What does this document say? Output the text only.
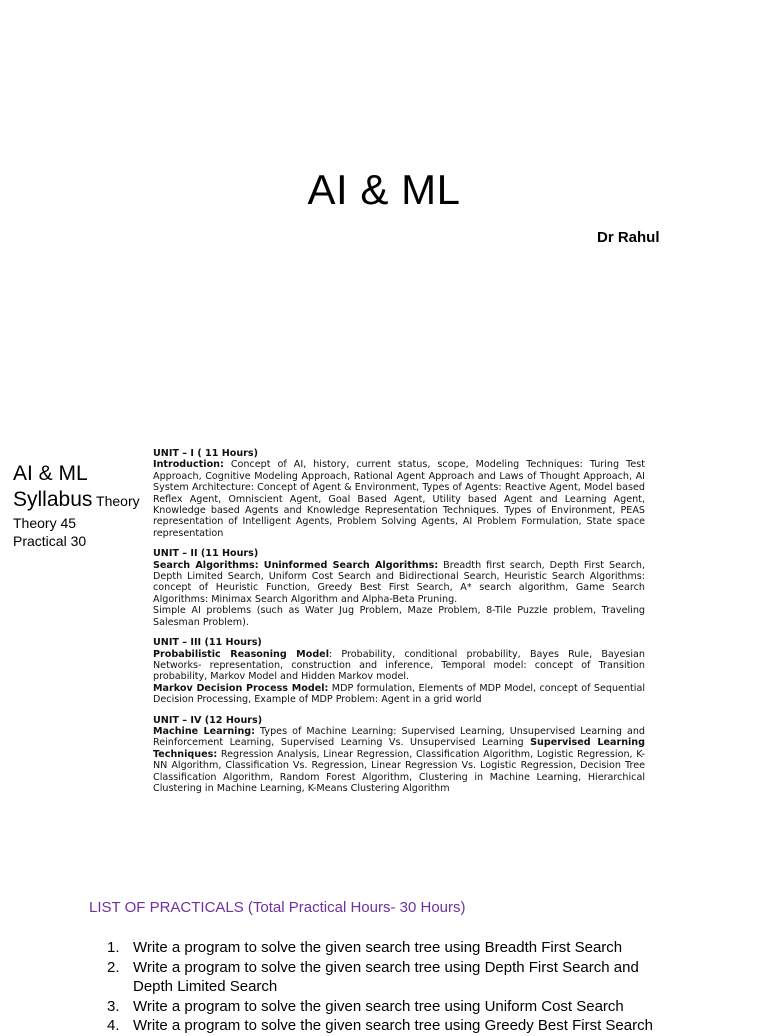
AI & ML
Dr Rahul
AI & ML
Syllabus Theory
Theory 45
Practical 30
UNIT – I ( 11 Hours)

Introduction: Concept of AI, history, current status, scope, Modeling Techniques: Turing Test Approach, Cognitive Modeling Approach, Rational Agent Approach and Laws of Thought Approach, AI System Architecture: Concept of Agent & Environment, Types of Agents: Reactive Agent, Model based Reflex Agent, Omniscient Agent, Goal Based Agent, Utility based Agent and Learning Agent, Knowledge based Agents and Knowledge Representation Techniques. Types of Environment, PEAS representation of Intelligent Agents, Problem Solving Agents, AI Problem Formulation, State space representation

UNIT – II (11 Hours)

Search Algorithms: Uninformed Search Algorithms: Breadth first search, Depth First Search, Depth Limited Search, Uniform Cost Search and Bidirectional Search, Heuristic Search Algorithms: concept of Heuristic Function, Greedy Best First Search, A* search algorithm, Game Search Algorithms: Minimax Search Algorithm and Alpha-Beta Pruning.

Simple AI problems (such as Water Jug Problem, Maze Problem, 8-Tile Puzzle problem, Traveling Salesman Problem).

UNIT – III (11 Hours)

Probabilistic Reasoning Model: Probability, conditional probability, Bayes Rule, Bayesian Networks- representation, construction and inference, Temporal model: concept of Transition probability, Markov Model and Hidden Markov model.

Markov Decision Process Model: MDP formulation, Elements of MDP Model, concept of Sequential Decision Processing, Example of MDP Problem: Agent in a grid world

UNIT – IV (12 Hours)

Machine Learning: Types of Machine Learning: Supervised Learning, Unsupervised Learning and Reinforcement Learning, Supervised Learning Vs. Unsupervised Learning Supervised Learning Techniques: Regression Analysis, Linear Regression, Classification Algorithm, Logistic Regression, K-NN Algorithm, Classification Vs. Regression, Linear Regression Vs. Logistic Regression, Decision Tree Classification Algorithm, Random Forest Algorithm, Clustering in Machine Learning, Hierarchical Clustering in Machine Learning, K-Means Clustering Algorithm

LIST OF PRACTICALS (Total Practical Hours- 30 Hours)
1. Write a program to solve the given search tree using Breadth First Search
2. Write a program to solve the given search tree using Depth First Search and Depth Limited Search
3. Write a program to solve the given search tree using Uniform Cost Search
4. Write a program to solve the given search tree using Greedy Best First Search
